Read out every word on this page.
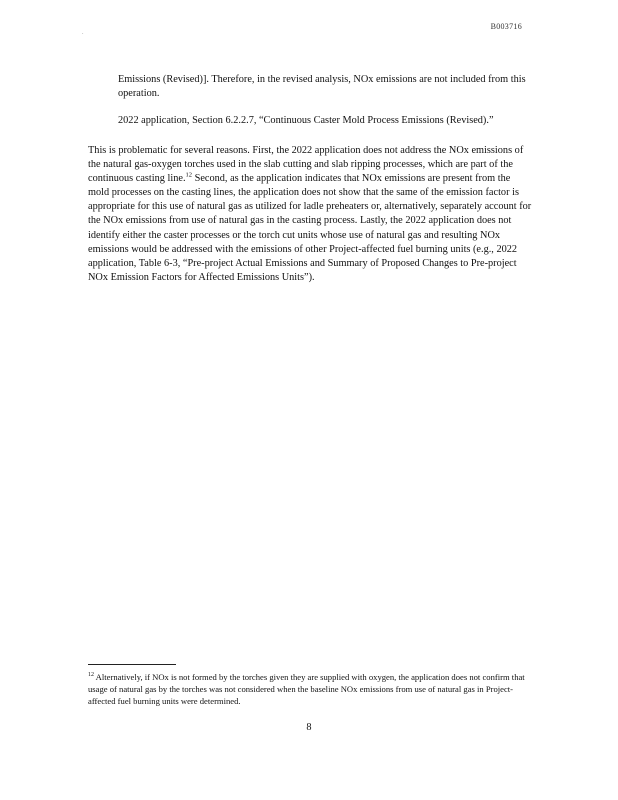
.
B003716
Emissions (Revised)]. Therefore, in the revised analysis, NOx emissions are not included from this operation.
2022 application, Section 6.2.2.7, “Continuous Caster Mold Process Emissions (Revised).”
This is problematic for several reasons. First, the 2022 application does not address the NOx emissions of the natural gas-oxygen torches used in the slab cutting and slab ripping processes, which are part of the continuous casting line.$^{12}$ Second, as the application indicates that NOx emissions are present from the mold processes on the casting lines, the application does not show that the same of the emission factor is appropriate for this use of natural gas as utilized for ladle preheaters or, alternatively, separately account for the NOx emissions from use of natural gas in the casting process. Lastly, the 2022 application does not identify either the caster processes or the torch cut units whose use of natural gas and resulting NOx emissions would be addressed with the emissions of other Project-affected fuel burning units (e.g., 2022 application, Table 6-3, “Pre-project Actual Emissions and Summary of Proposed Changes to Pre-project NOx Emission Factors for Affected Emissions Units”).
$^{12}$ Alternatively, if NOx is not formed by the torches given they are supplied with oxygen, the application does not confirm that usage of natural gas by the torches was not considered when the baseline NOx emissions from use of natural gas in Project-affected fuel burning units were determined.
8
